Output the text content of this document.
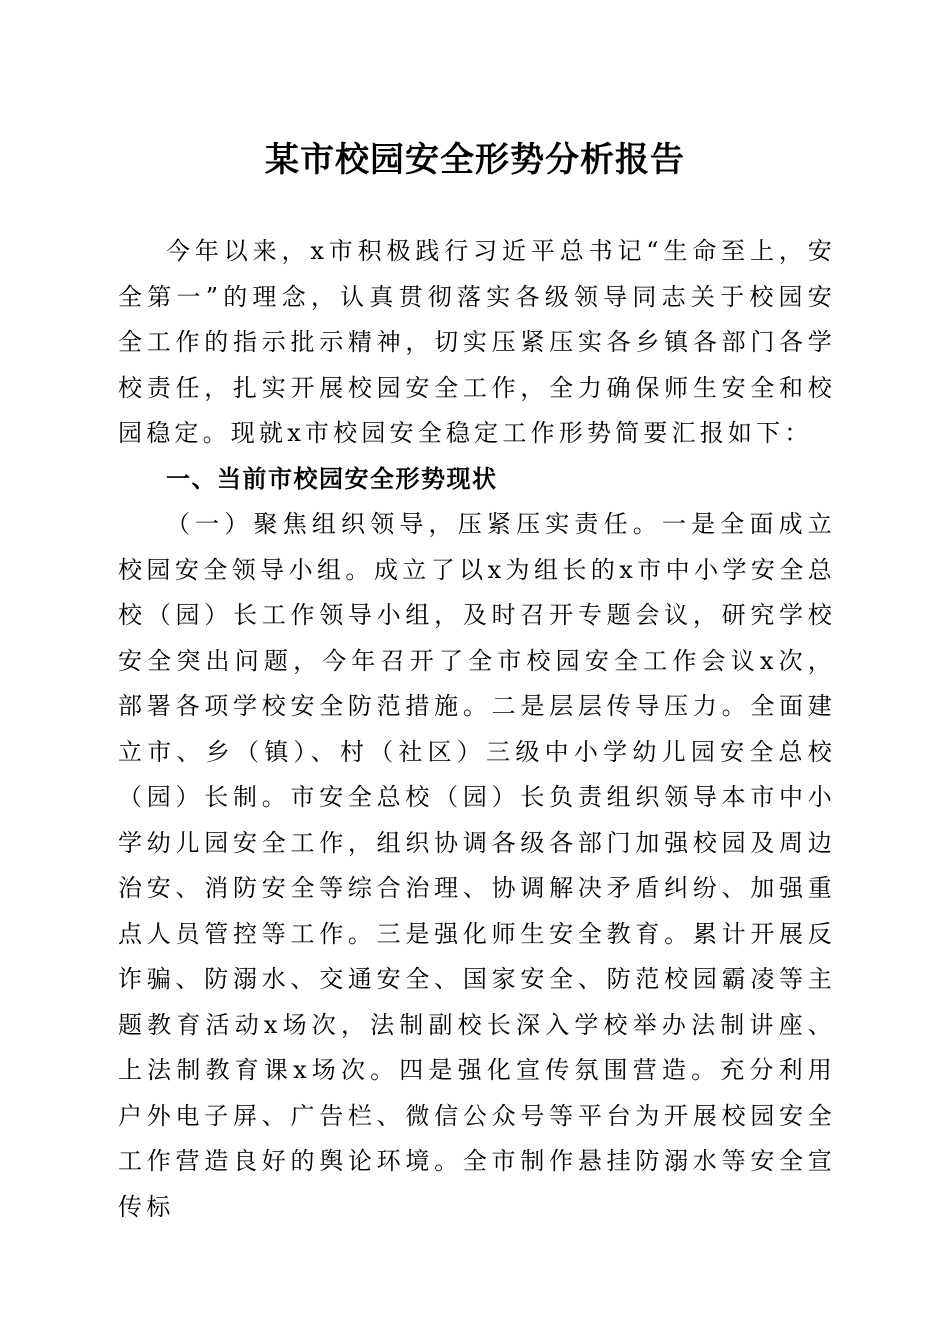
某市校园安全形势分析报告

今年以来，x市积极践行习近平总书记“生命至上，安全第一”的理念，认真贯彻落实各级领导同志关于校园安全工作的指示批示精神，切实压紧压实各乡镇各部门各学校责任，扎实开展校园安全工作，全力确保师生安全和校园稳定。现就x市校园安全稳定工作形势简要汇报如下：

一、当前市校园安全形势现状

（一）聚焦组织领导，压紧压实责任。一是全面成立校园安全领导小组。成立了以x为组长的x市中小学安全总校（园）长工作领导小组，及时召开专题会议，研究学校安全突出问题，今年召开了全市校园安全工作会议x次，部署各项学校安全防范措施。二是层层传导压力。全面建立市、乡（镇）、村（社区）三级中小学幼儿园安全总校（园）长制。市安全总校（园）长负责组织领导本市中小学幼儿园安全工作，组织协调各级各部门加强校园及周边治安、消防安全等综合治理、协调解决矛盾纠纷、加强重点人员管控等工作。三是强化师生安全教育。累计开展反诈骗、防溺水、交通安全、国家安全、防范校园霸凌等主题教育活动x场次，法制副校长深入学校举办法制讲座、上法制教育课x场次。四是强化宣传氛围营造。充分利用户外电子屏、广告栏、微信公众号等平台为开展校园安全工作营造良好的舆论环境。全市制作悬挂防溺水等安全宣传标
